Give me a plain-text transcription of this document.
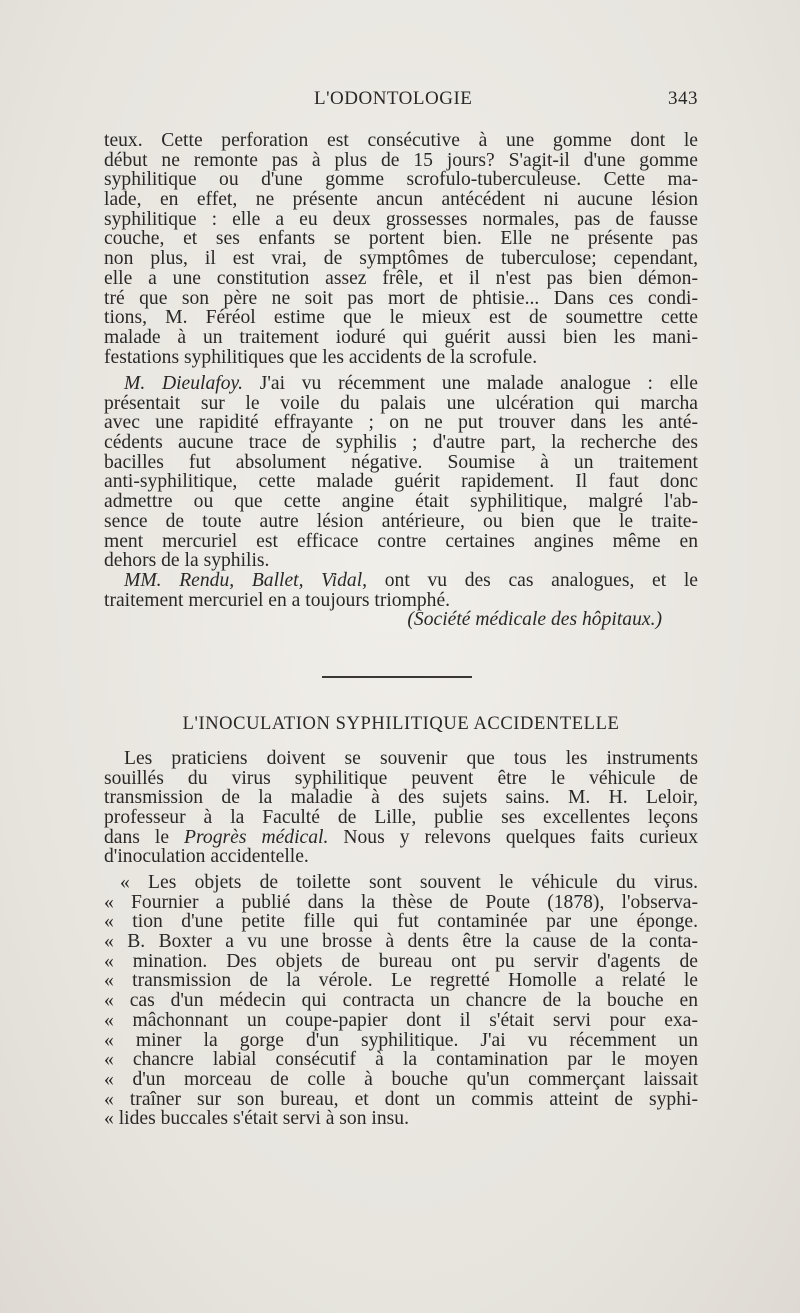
L'ODONTOLOGIE	343
teux. Cette perforation est consécutive à une gomme dont le
début ne remonte pas à plus de 15 jours? S'agit-il d'une gomme
syphilitique ou d'une gomme scrofulo-tuberculeuse. Cette ma-
lade, en effet, ne présente ancun antécédent ni aucune lésion
syphilitique : elle a eu deux grossesses normales, pas de fausse
couche, et ses enfants se portent bien. Elle ne présente pas
non plus, il est vrai, de symptômes de tuberculose; cependant,
elle a une constitution assez frêle, et il n'est pas bien démon-
tré que son père ne soit pas mort de phtisie... Dans ces condi-
tions, M. Féréol estime que le mieux est de soumettre cette
malade à un traitement ioduré qui guérit aussi bien les mani-
festations syphilitiques que les accidents de la scrofule.
M. Dieulafoy. J'ai vu récemment une malade analogue : elle
présentait sur le voile du palais une ulcération qui marcha
avec une rapidité effrayante ; on ne put trouver dans les anté-
cédents aucune trace de syphilis ; d'autre part, la recherche des
bacilles fut absolument négative. Soumise à un traitement
anti-syphilitique, cette malade guérit rapidement. Il faut donc
admettre ou que cette angine était syphilitique, malgré l'ab-
sence de toute autre lésion antérieure, ou bien que le traite-
ment mercuriel est efficace contre certaines angines même en
dehors de la syphilis.
MM. Rendu, Ballet, Vidal, ont vu des cas analogues, et le
traitement mercuriel en a toujours triomphé.
(Société médicale des hôpitaux.)
L'INOCULATION SYPHILITIQUE ACCIDENTELLE
Les praticiens doivent se souvenir que tous les instruments
souillés du virus syphilitique peuvent être le véhicule de
transmission de la maladie à des sujets sains. M. H. Leloir,
professeur à la Faculté de Lille, publie ses excellentes leçons
dans le Progrès médical. Nous y relevons quelques faits curieux
d'inoculation accidentelle.
« Les objets de toilette sont souvent le véhicule du virus.
« Fournier a publié dans la thèse de Poute (1878), l'observa-
« tion d'une petite fille qui fut contaminée par une éponge.
« B. Boxter a vu une brosse à dents être la cause de la conta-
« mination. Des objets de bureau ont pu servir d'agents de
« transmission de la vérole. Le regretté Homolle a relaté le
« cas d'un médecin qui contracta un chancre de la bouche en
« mâchonnant un coupe-papier dont il s'était servi pour exa-
« miner la gorge d'un syphilitique. J'ai vu récemment un
« chancre labial consécutif à la contamination par le moyen
« d'un morceau de colle à bouche qu'un commerçant laissait
« traîner sur son bureau, et dont un commis atteint de syphi-
« lides buccales s'était servi à son insu.
